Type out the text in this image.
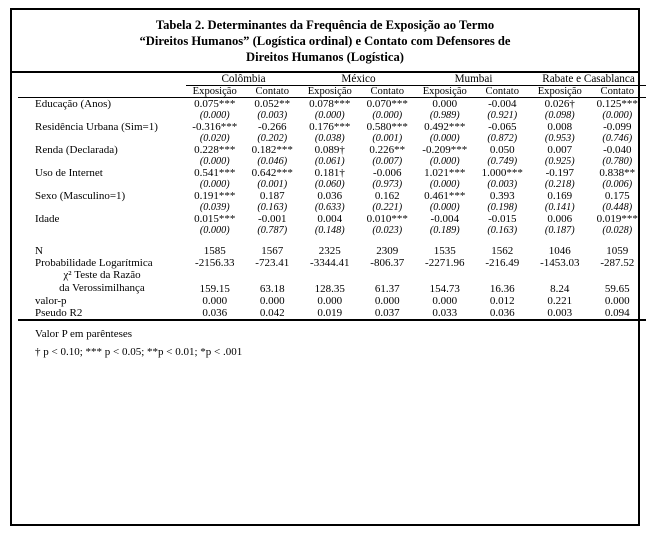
Tabela 2. Determinantes da Frequência de Exposição ao Termo
“Direitos Humanos” (Logística ordinal) e Contato com Defensores de
Direitos Humanos (Logística)
	Colômbia		México		Mumbai		Rabate e Casablanca	
	Exposição	Contato	Exposição	Contato	Exposição	Contato	Exposição	Contato

Educação (Anos)	0.075***	0.052**	0.078***	0.070***	0.000	-0.004	0.026†	0.125***
	(0.000)	(0.003)	(0.000)	(0.000)	(0.989)	(0.921)	(0.098)	(0.000)
Residência Urbana (Sim=1)	-0.316***	-0.266	0.176***	0.580***	0.492***	-0.065	0.008	-0.099
	(0.020)	(0.202)	(0.038)	(0.001)	(0.000)	(0.872)	(0.953)	(0.746)
Renda (Declarada)	0.228***	0.182***	0.089†	0.226**	-0.209***	0.050	0.007	-0.040
	(0.000)	(0.046)	(0.061)	(0.007)	(0.000)	(0.749)	(0.925)	(0.780)
Uso de Internet	0.541***	0.642***	0.181†	-0.006	1.021***	1.000***	-0.197	0.838**
	(0.000)	(0.001)	(0.060)	(0.973)	(0.000)	(0.003)	(0.218)	(0.006)
Sexo (Masculino=1)	0.191***	0.187	0.036	0.162	0.461***	0.393	0.169	0.175
	(0.039)	(0.163)	(0.633)	(0.221)	(0.000)	(0.198)	(0.141)	(0.448)
Idade	0.015***	-0.001	0.004	0.010***	-0.004	-0.015	0.006	0.019***
	(0.000)	(0.787)	(0.148)	(0.023)	(0.189)	(0.163)	(0.187)	(0.028)

N	1585	1567	2325	2309	1535	1562	1046	1059
Probabilidade Logarítmica	-2156.33	-723.41	-3344.41	-806.37	-2271.96	-216.49	-1453.03	-287.52

χ² Teste da Razão
da Verossimilhança	159.15	63.18	128.35	61.37	154.73	16.36	8.24	59.65
valor-p	0.000	0.000	0.000	0.000	0.000	0.012	0.221	0.000
Pseudo R2	0.036	0.042	0.019	0.037	0.033	0.036	0.003	0.094

Valor P em parênteses
† p < 0.10; *** p < 0.05; **p < 0.01; *p < .001
